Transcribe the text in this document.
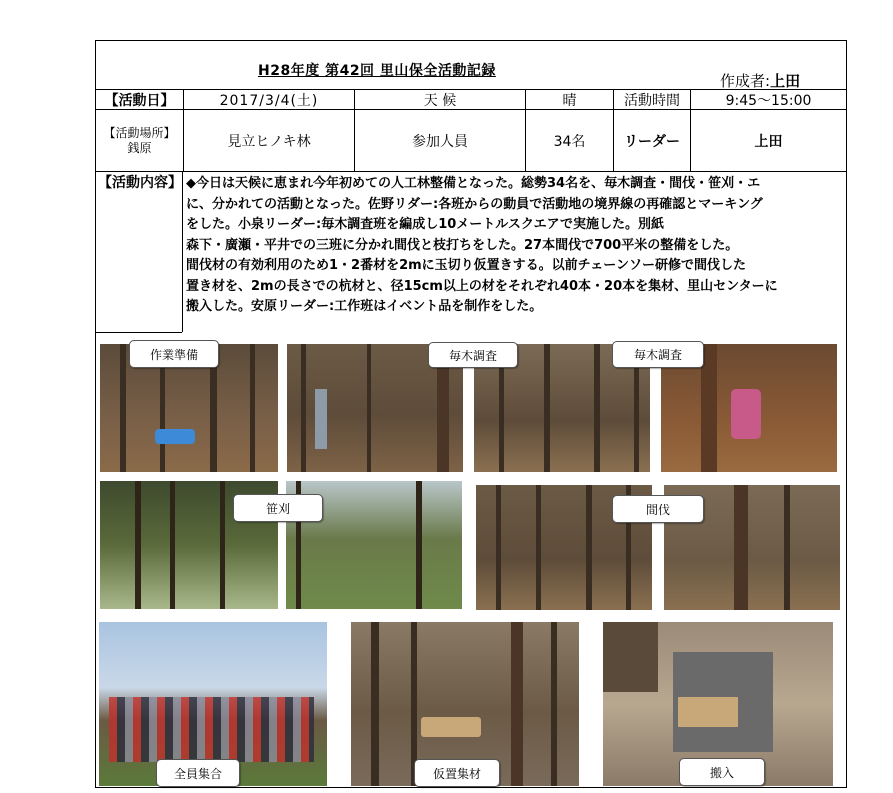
H28年度 第42回 里山保全活動記録
作成者:上田
【活動日】	2017/3/4(土)	天 候	晴	活動時間	9:45〜15:00
【活動場所】
銭原	見立ヒノキ林	参加人員	34名	リーダー	上田
【活動内容】 ◆今日は天候に恵まれ今年初めての人工林整備となった。総勢34名を、毎木調査・間伐・笹刈・エ
に、分かれての活動となった。佐野リダー:各班からの動員で活動地の境界線の再確認とマーキング
をした。小泉リーダー:毎木調査班を編成し10メートルスクエアで実施した。別紙
森下・廣瀬・平井での三班に分かれ間伐と枝打ちをした。27本間伐で700平米の整備をした。
間伐材の有効利用のため1・2番材を2mに玉切り仮置きする。以前チェーンソー研修で間伐した
置き材を、2mの長さでの杭材と、径15cm以上の材をそれぞれ40本・20本を集材、里山センターに
搬入した。安原リーダー:工作班はイベント品を制作をした。
作業準備	毎木調査	毎木調査
笹刈	間伐
全員集合	仮置集材	搬入
